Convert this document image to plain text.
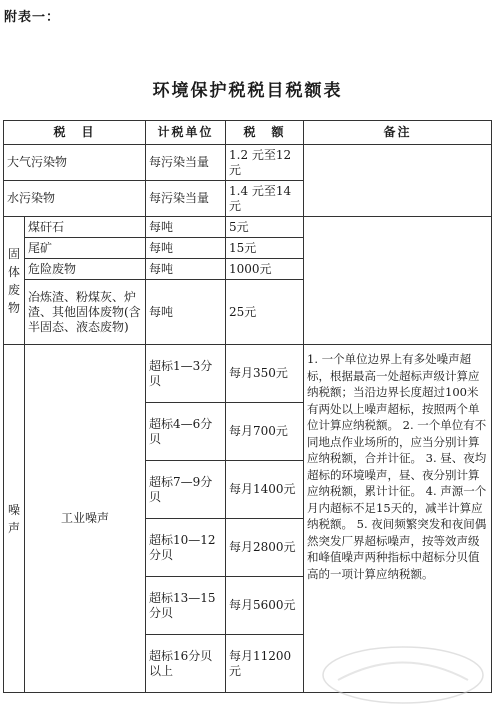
附表一：
环境保护税税目税额表
税　目		计税单位	税　额	备注
大气污染物		每污染当量	1.2 元至12元	
水污染物		每污染当量	1.4 元至14元	
固体废物	煤矸石	每吨	5元	
	尾矿	每吨	15元	
	危险废物	每吨	1000元	
	冶炼渣、粉煤灰、炉渣、其他固体废物(含半固态、液态废物)	每吨	25元	
噪声	工业噪声	超标1—3分贝	每月350元	1. 一个单位边界上有多处噪声超标，根据最高一处超标声级计算应纳税额；当沿边界长度超过100米有两处以上噪声超标，按照两个单位计算应纳税额。 2. 一个单位有不同地点作业场所的，应当分别计算应纳税额，合并计征。 3. 昼、夜均超标的环境噪声，昼、夜分别计算应纳税额，累计计征。 4. 声源一个月内超标不足15天的，减半计算应纳税额。 5. 夜间频繁突发和夜间偶然突发厂界超标噪声，按等效声级和峰值噪声两种指标中超标分贝值高的一项计算应纳税额。
		超标4—6分贝	每月700元	
		超标7—9分贝	每月1400元	
		超标10—12分贝	每月2800元	
		超标13—15分贝	每月5600元	
		超标16分贝以上	每月11200元	
